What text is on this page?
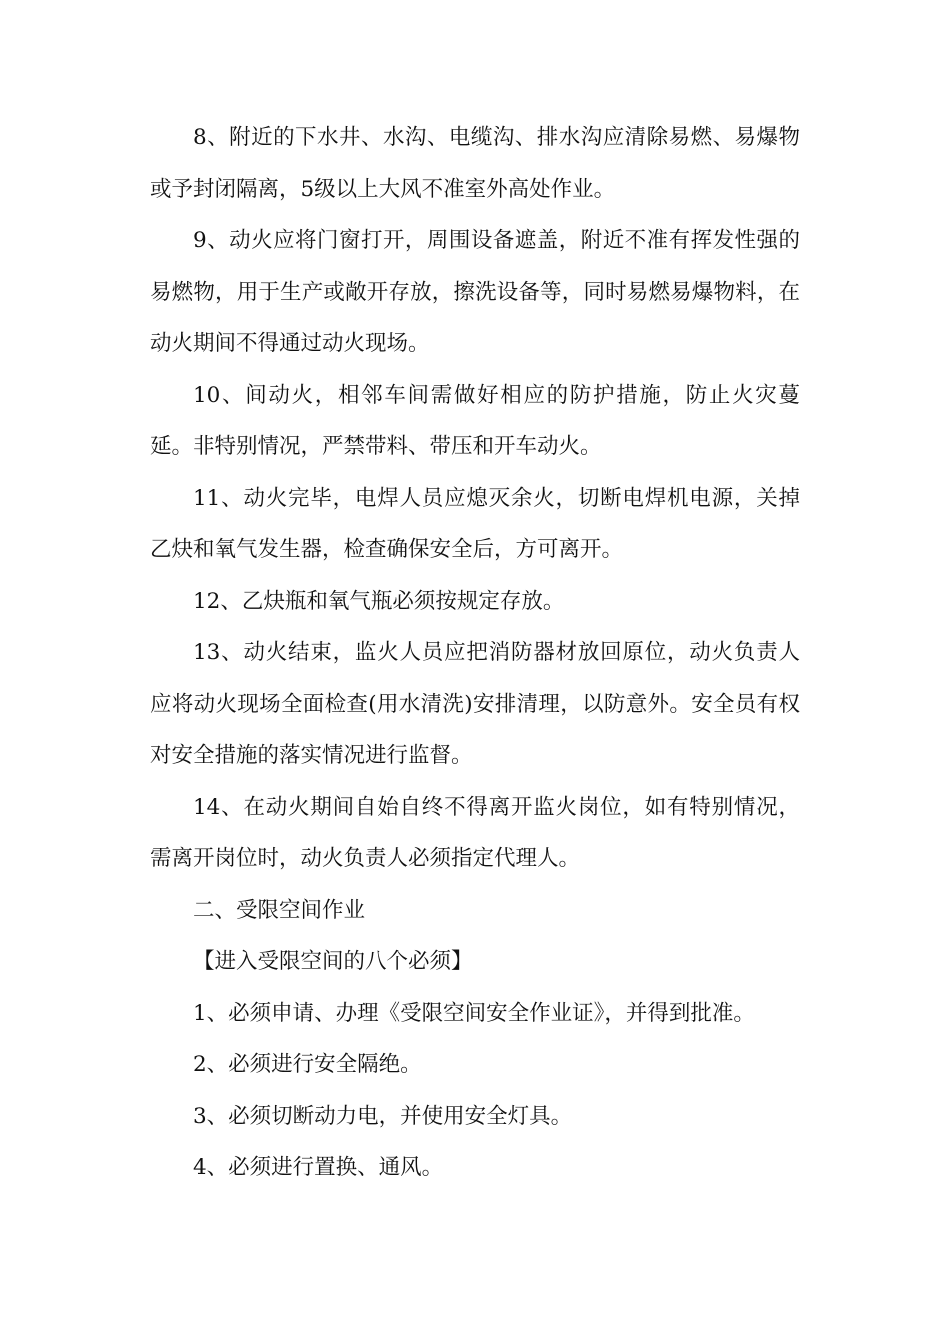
8、附近的下水井、水沟、电缆沟、排水沟应清除易燃、易爆物或予封闭隔离，5级以上大风不准室外高处作业。

9、动火应将门窗打开，周围设备遮盖，附近不准有挥发性强的易燃物，用于生产或敞开存放，擦洗设备等，同时易燃易爆物料，在动火期间不得通过动火现场。

10、间动火，相邻车间需做好相应的防护措施，防止火灾蔓延。非特别情况，严禁带料、带压和开车动火。

11、动火完毕，电焊人员应熄灭余火，切断电焊机电源，关掉乙炔和氧气发生器，检查确保安全后，方可离开。

12、乙炔瓶和氧气瓶必须按规定存放。

13、动火结束，监火人员应把消防器材放回原位，动火负责人应将动火现场全面检查(用水清洗)安排清理，以防意外。安全员有权对安全措施的落实情况进行监督。

14、在动火期间自始自终不得离开监火岗位，如有特别情况，需离开岗位时，动火负责人必须指定代理人。

二、受限空间作业

【进入受限空间的八个必须】

1、必须申请、办理《受限空间安全作业证》，并得到批准。

2、必须进行安全隔绝。

3、必须切断动力电，并使用安全灯具。

4、必须进行置换、通风。
